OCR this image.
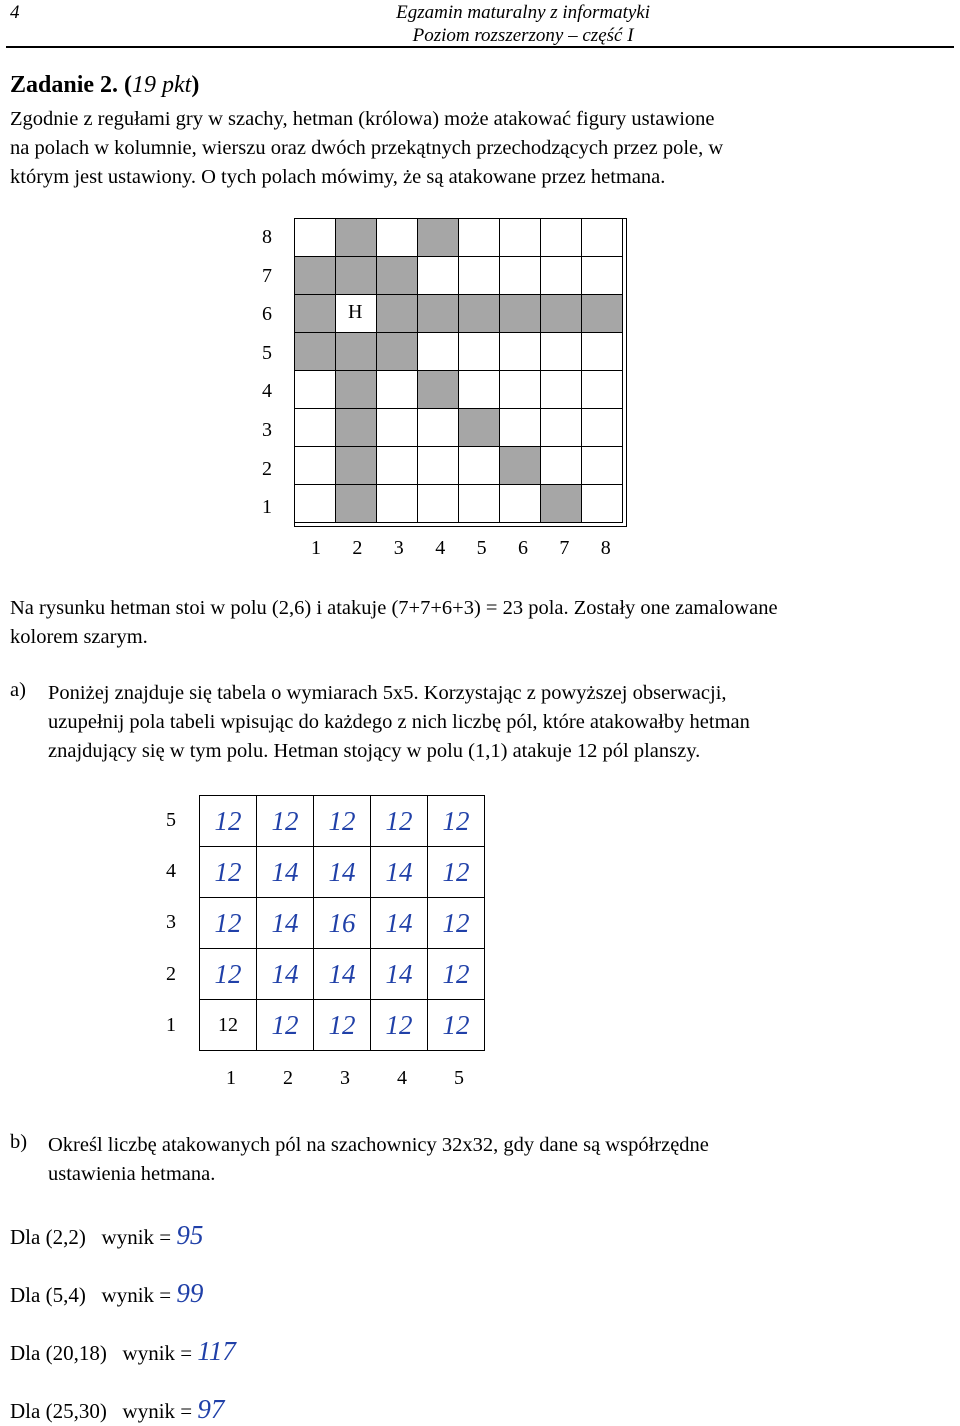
4	Egzamin maturalny z informatyki
Poziom rozszerzony – część I
Zadanie 2. (19 pkt)
Zgodnie z regułami gry w szachy, hetman (królowa) może atakować figury ustawione
na polach w kolumnie, wierszu oraz dwóch przekątnych przechodzących przez pole, w
którym jest ustawiony. O tych polach mówimy, że są atakowane przez hetmana.
H
8
7
6
5
4
3
2
1
1 2 3 4 5 6 7 8
Na rysunku hetman stoi w polu (2,6) i atakuje (7+7+6+3) = 23 pola. Zostały one zamalowane
kolorem szarym.
a) Poniżej znajduje się tabela o wymiarach 5x5. Korzystając z powyższej obserwacji,
uzupełnij pola tabeli wpisując do każdego z nich liczbę pól, które atakowałby hetman
znajdujący się w tym polu. Hetman stojący w polu (1,1) atakuje 12 pól planszy.
12	12	12	12	12
12	14	14	14	12
12	14	16	14	12
12	14	14	14	12
12	12	12	12	12
5
4
3
2
1
1 2 3 4 5
b) Określ liczbę atakowanych pól na szachownicy 32x32, gdy dane są współrzędne
ustawienia hetmana.
Dla (2,2)   wynik = 95
Dla (5,4)   wynik = 99
Dla (20,18)   wynik = 117
Dla (25,30)   wynik = 97
